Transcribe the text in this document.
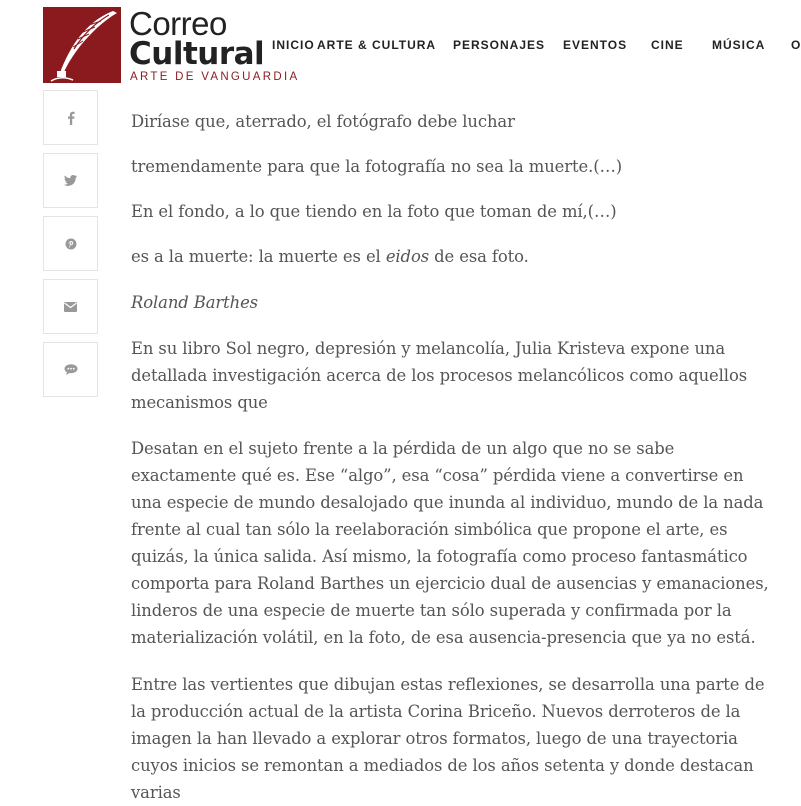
Correo
Cultural
ARTE DE VANGUARDIA
INICIO ARTE & CULTURA PERSONAJES EVENTOS CINE MÚSICA O

Diríase que, aterrado, el fotógrafo debe luchar

tremendamente para que la fotografía no sea la muerte.(…)

En el fondo, a lo que tiendo en la foto que toman de mí,(…)

es a la muerte: la muerte es el eidos de esa foto.

Roland Barthes

En su libro Sol negro, depresión y melancolía, Julia Kristeva expone una detallada investigación acerca de los procesos melancólicos como aquellos mecanismos que

Desatan en el sujeto frente a la pérdida de un algo que no se sabe exactamente qué es. Ese “algo”, esa “cosa” pérdida viene a convertirse en una especie de mundo desalojado que inunda al individuo, mundo de la nada frente al cual tan sólo la reelaboración simbólica que propone el arte, es quizás, la única salida. Así mismo, la fotografía como proceso fantasmático comporta para Roland Barthes un ejercicio dual de ausencias y emanaciones, linderos de una especie de muerte tan sólo superada y confirmada por la materialización volátil, en la foto, de esa ausencia-presencia que ya no está.

Entre las vertientes que dibujan estas reflexiones, se desarrolla una parte de la producción actual de la artista Corina Briceño. Nuevos derroteros de la imagen la han llevado a explorar otros formatos, luego de una trayectoria cuyos inicios se remontan a mediados de los años setenta y donde destacan varias
